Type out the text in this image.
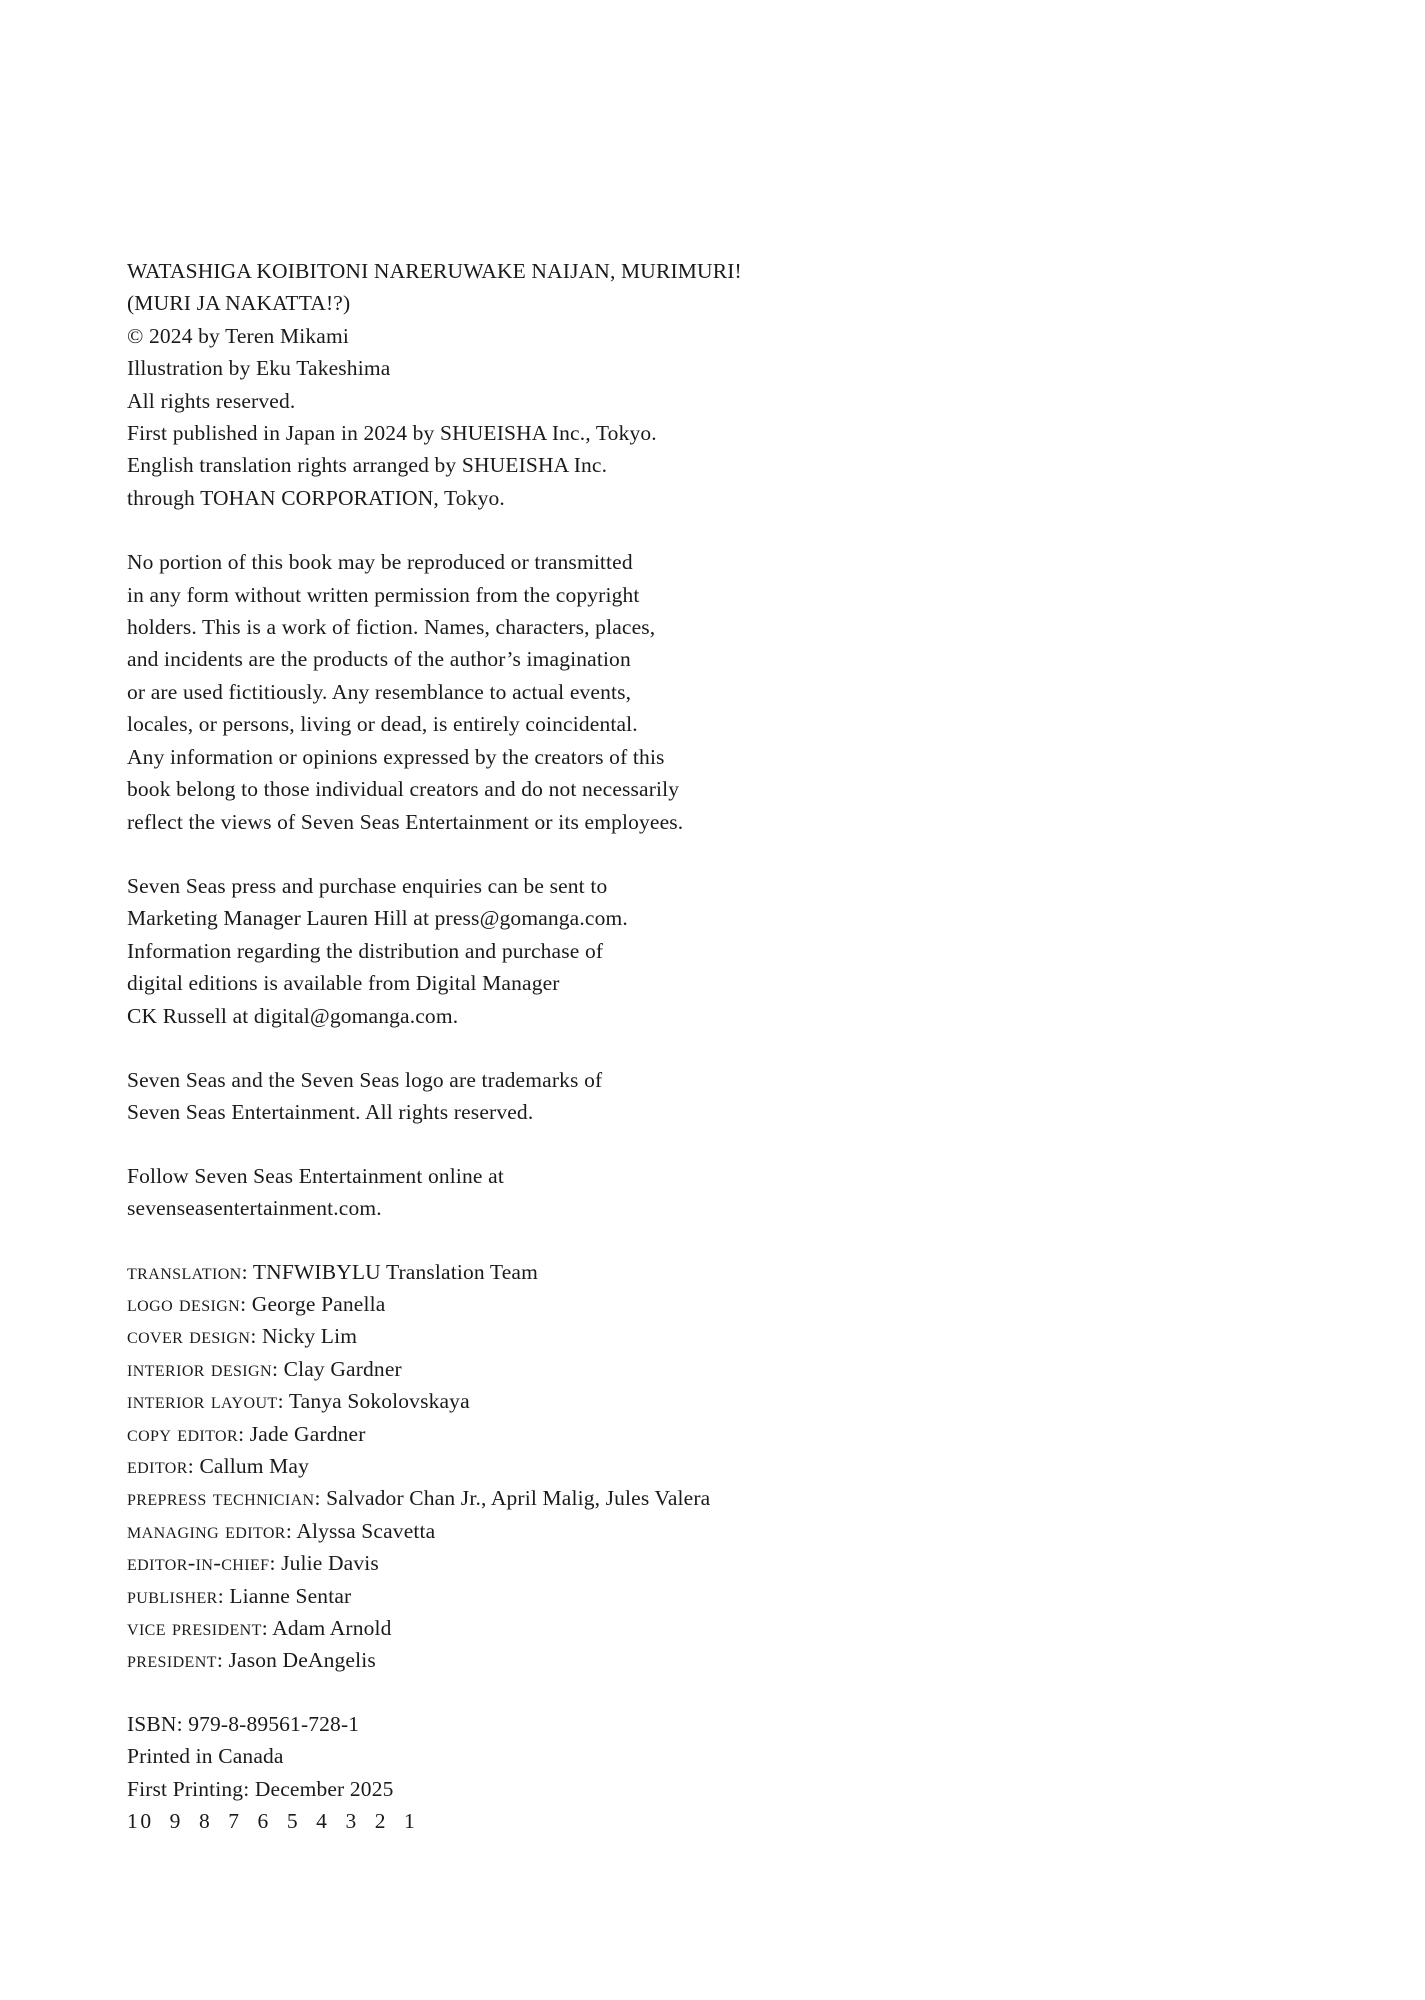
WATASHIGA KOIBITONI NARERUWAKE NAIJAN, MURIMURI!
(MURI JA NAKATTA!?)
© 2024 by Teren Mikami
Illustration by Eku Takeshima
All rights reserved.
First published in Japan in 2024 by SHUEISHA Inc., Tokyo.
English translation rights arranged by SHUEISHA Inc.
through TOHAN CORPORATION, Tokyo.
No portion of this book may be reproduced or transmitted
in any form without written permission from the copyright
holders. This is a work of fiction. Names, characters, places,
and incidents are the products of the author’s imagination
or are used fictitiously. Any resemblance to actual events,
locales, or persons, living or dead, is entirely coincidental.
Any information or opinions expressed by the creators of this
book belong to those individual creators and do not necessarily
reflect the views of Seven Seas Entertainment or its employees.
Seven Seas press and purchase enquiries can be sent to
Marketing Manager Lauren Hill at press@gomanga.com.
Information regarding the distribution and purchase of
digital editions is available from Digital Manager
CK Russell at digital@gomanga.com.
Seven Seas and the Seven Seas logo are trademarks of
Seven Seas Entertainment. All rights reserved.
Follow Seven Seas Entertainment online at
sevenseasentertainment.com.
translation: TNFWIBYLU Translation Team
logo design: George Panella
cover design: Nicky Lim
interior design: Clay Gardner
interior layout: Tanya Sokolovskaya
copy editor: Jade Gardner
editor: Callum May
prepress technician: Salvador Chan Jr., April Malig, Jules Valera
managing editor: Alyssa Scavetta
editor-in-chief: Julie Davis
publisher: Lianne Sentar
vice president: Adam Arnold
president: Jason DeAngelis
ISBN: 979-8-89561-728-1
Printed in Canada
First Printing: December 2025
10  9  8  7  6  5  4  3  2  1
